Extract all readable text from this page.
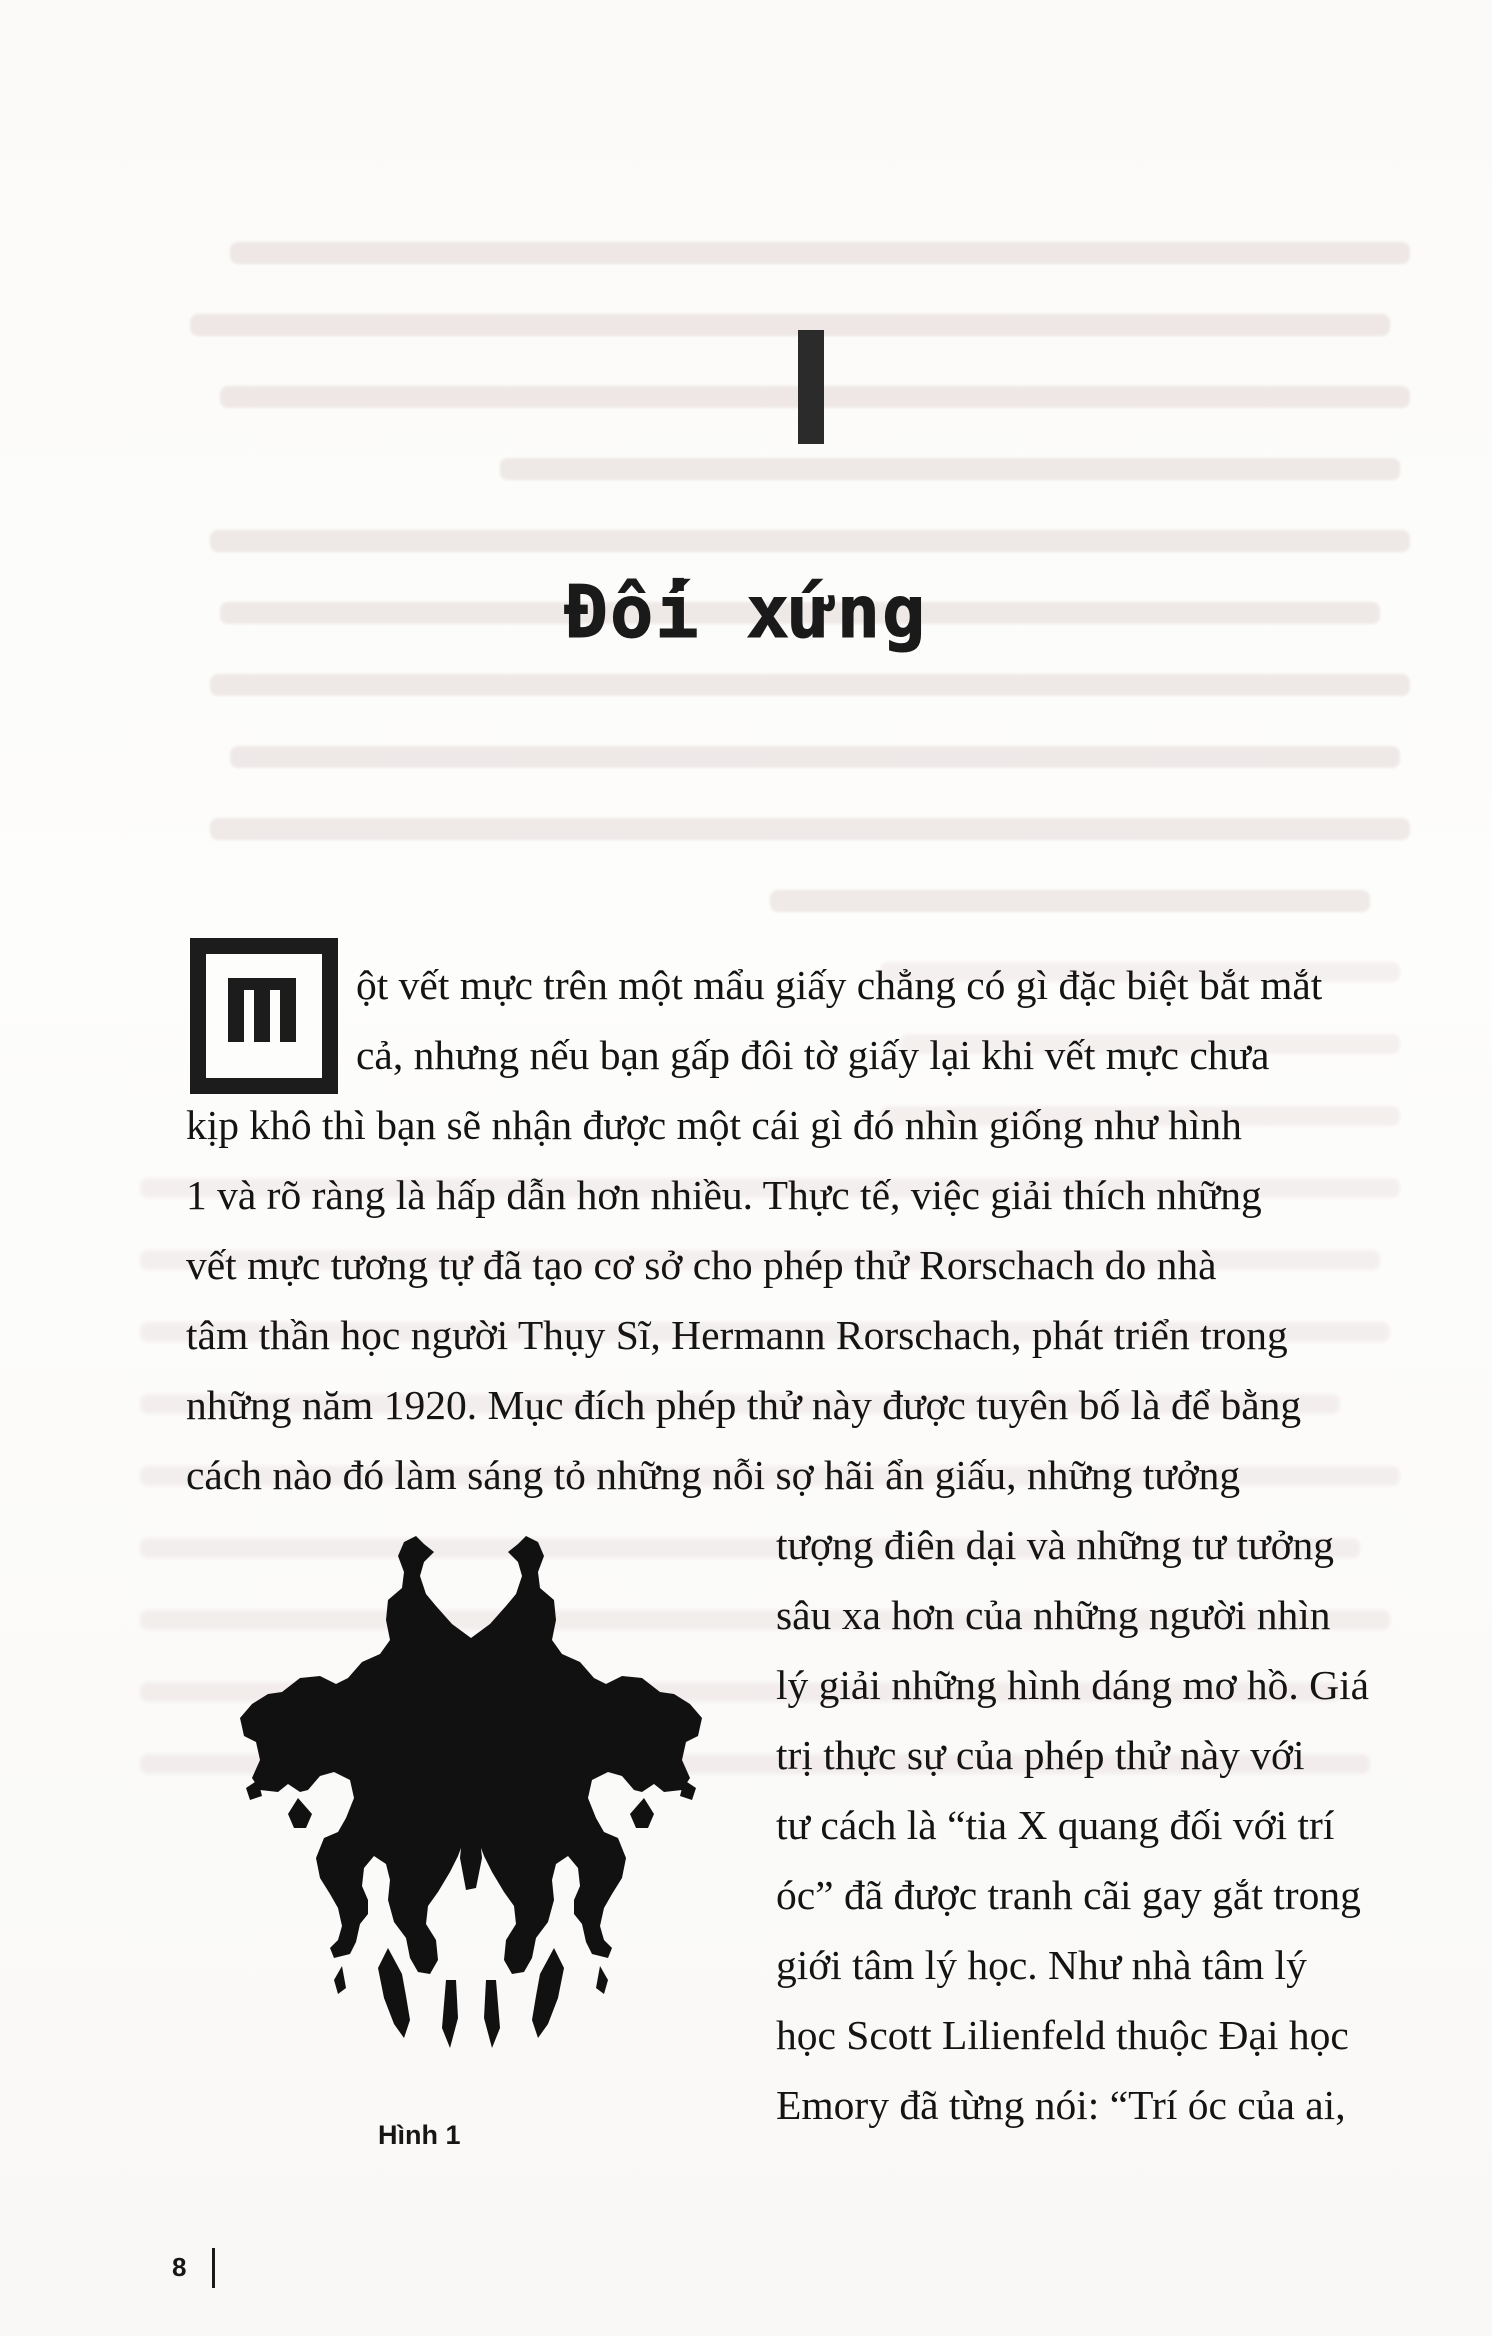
Đối xứng
ột vết mực trên một mẩu giấy chẳng có gì đặc biệt bắt mắt
cả, nhưng nếu bạn gấp đôi tờ giấy lại khi vết mực chưa
kịp khô thì bạn sẽ nhận được một cái gì đó nhìn giống như hình
1 và rõ ràng là hấp dẫn hơn nhiều. Thực tế, việc giải thích những
vết mực tương tự đã tạo cơ sở cho phép thử Rorschach do nhà
tâm thần học người Thụy Sĩ, Hermann Rorschach, phát triển trong
những năm 1920. Mục đích phép thử này được tuyên bố là để bằng
cách nào đó làm sáng tỏ những nỗi sợ hãi ẩn giấu, những tưởng
tượng điên dại và những tư tưởng
sâu xa hơn của những người nhìn
lý giải những hình dáng mơ hồ. Giá
trị thực sự của phép thử này với
tư cách là “tia X quang đối với trí
óc” đã được tranh cãi gay gắt trong
giới tâm lý học. Như nhà tâm lý
học Scott Lilienfeld thuộc Đại học
Emory đã từng nói: “Trí óc của ai,
Hình 1
8
